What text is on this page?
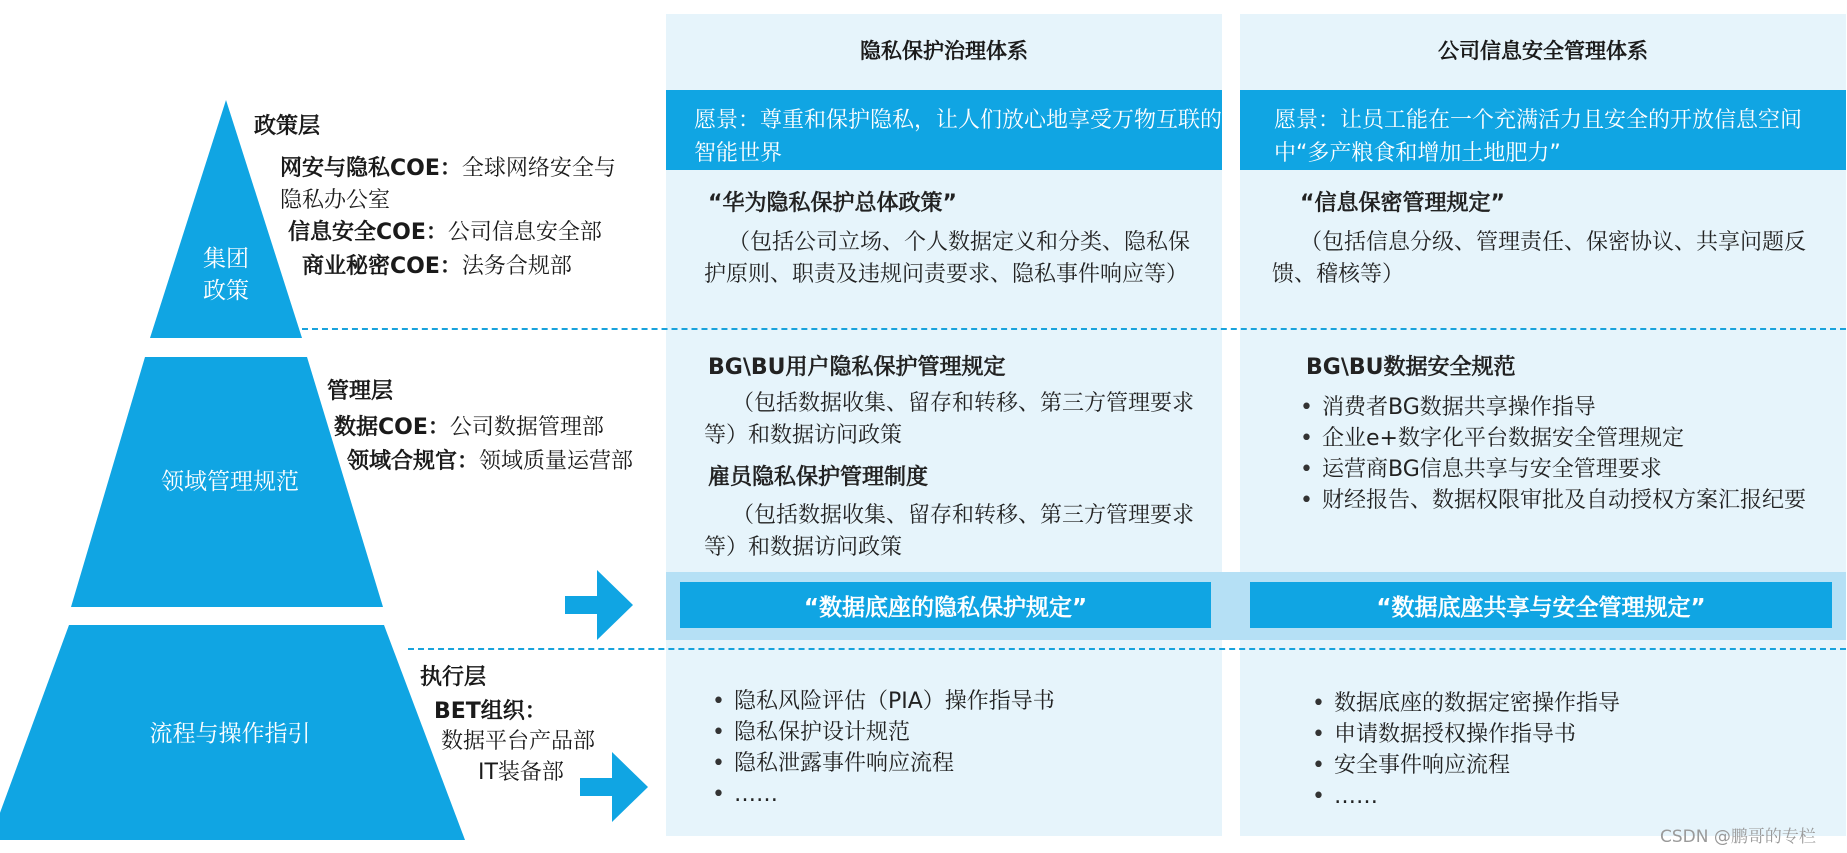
集团
政策
领域管理规范
流程与操作指引
政策层
网安与隐私COE：全球网络安全与
隐私办公室
信息安全COE：公司信息安全部
商业秘密COE：法务合规部
管理层
数据COE：公司数据管理部
领域合规官：领域质量运营部
执行层
BET组织：
数据平台产品部
IT装备部
隐私保护治理体系	公司信息安全管理体系
愿景：尊重和保护隐私，让人们放心地享受万物互联的智能世界
愿景：让员工能在一个充满活力且安全的开放信息空间中“多产粮食和增加土地肥力”
“华为隐私保护总体政策”
（包括公司立场、个人数据定义和分类、隐私保护原则、职责及违规问责要求、隐私事件响应等）
“信息保密管理规定”
（包括信息分级、管理责任、保密协议、共享问题反馈、稽核等）
BG\BU用户隐私保护管理规定
（包括数据收集、留存和转移、第三方管理要求等）和数据访问政策
雇员隐私保护管理制度
（包括数据收集、留存和转移、第三方管理要求等）和数据访问政策
BG\BU数据安全规范
• 消费者BG数据共享操作指导
• 企业e+数字化平台数据安全管理规定
• 运营商BG信息共享与安全管理要求
• 财经报告、数据权限审批及自动授权方案汇报纪要
“数据底座的隐私保护规定”	“数据底座共享与安全管理规定”
• 隐私风险评估（PIA）操作指导书
• 隐私保护设计规范
• 隐私泄露事件响应流程
• ……
• 数据底座的数据定密操作指导
• 申请数据授权操作指导书
• 安全事件响应流程
• ……
CSDN @鹏哥的专栏
